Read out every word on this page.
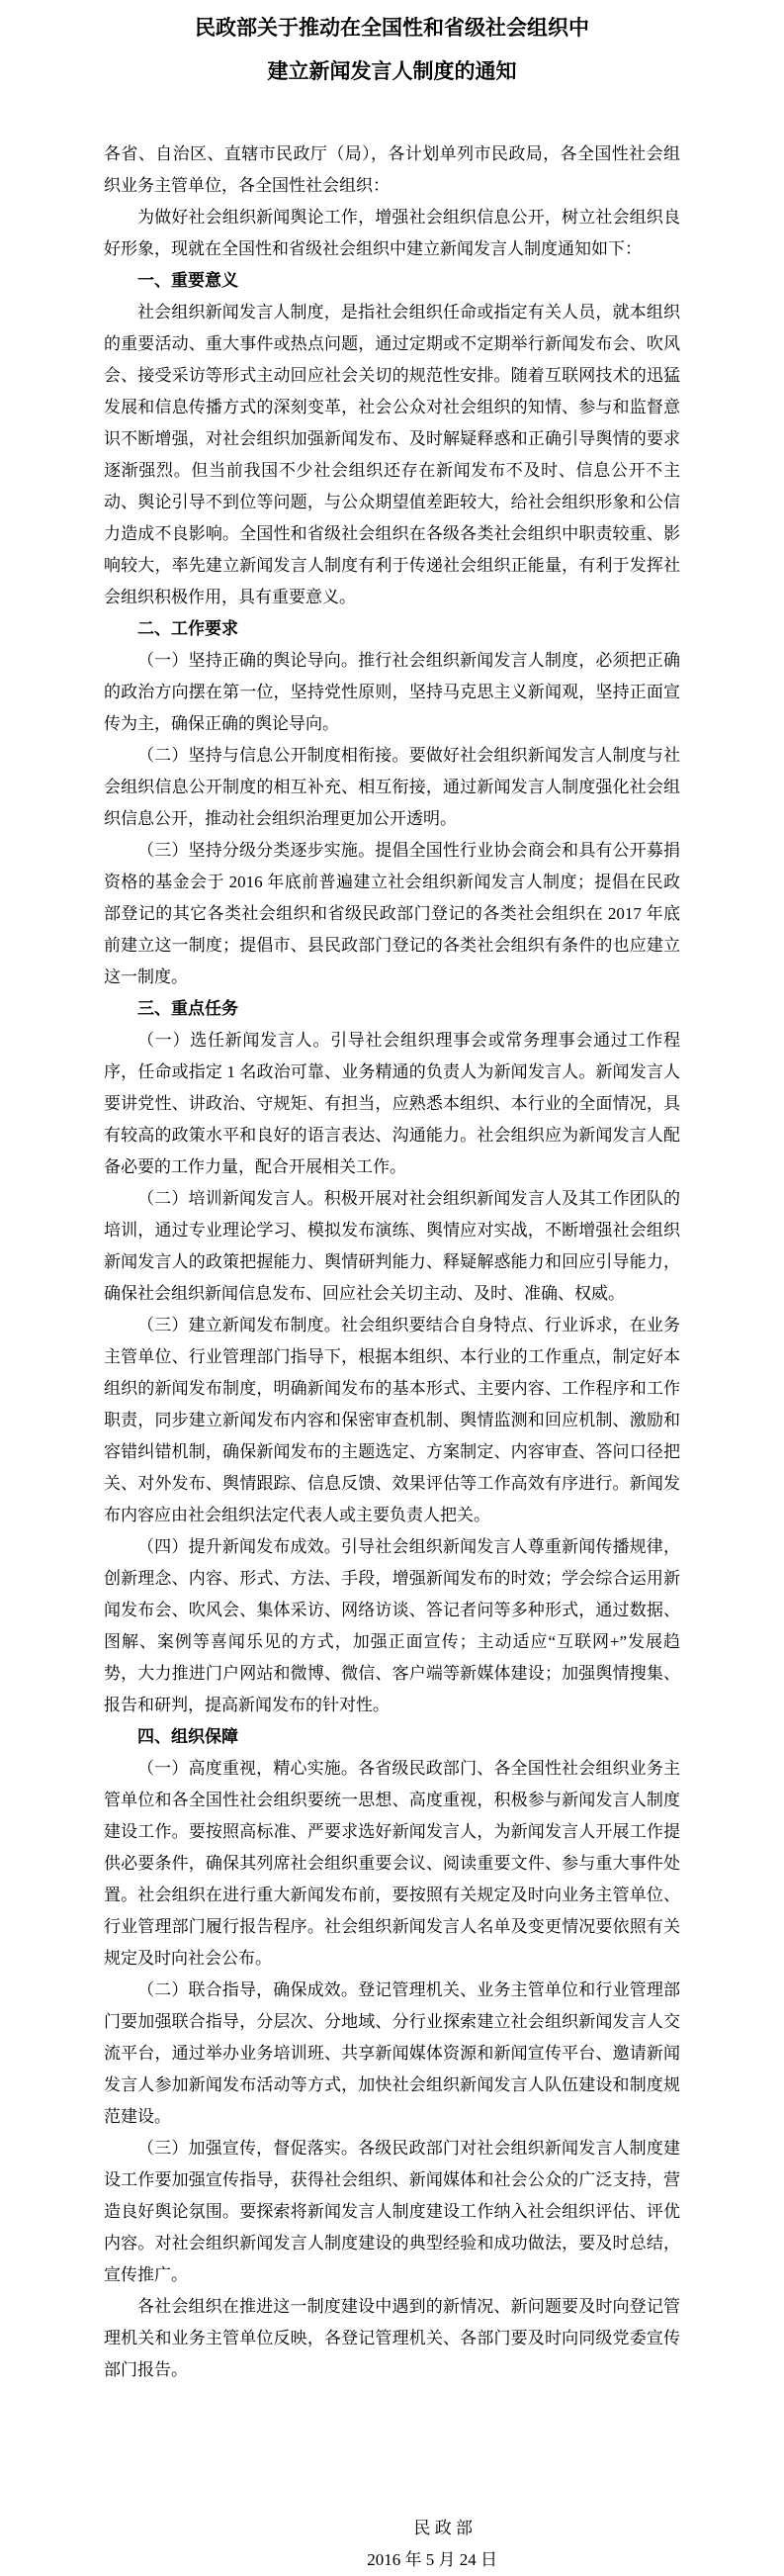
民政部关于推动在全国性和省级社会组织中
建立新闻发言人制度的通知

各省、自治区、直辖市民政厅（局），各计划单列市民政局，各全国性社会组织业务主管单位，各全国性社会组织：

为做好社会组织新闻舆论工作，增强社会组织信息公开，树立社会组织良好形象，现就在全国性和省级社会组织中建立新闻发言人制度通知如下：

一、重要意义

社会组织新闻发言人制度，是指社会组织任命或指定有关人员，就本组织的重要活动、重大事件或热点问题，通过定期或不定期举行新闻发布会、吹风会、接受采访等形式主动回应社会关切的规范性安排。随着互联网技术的迅猛发展和信息传播方式的深刻变革，社会公众对社会组织的知情、参与和监督意识不断增强，对社会组织加强新闻发布、及时解疑释惑和正确引导舆情的要求逐渐强烈。但当前我国不少社会组织还存在新闻发布不及时、信息公开不主动、舆论引导不到位等问题，与公众期望值差距较大，给社会组织形象和公信力造成不良影响。全国性和省级社会组织在各级各类社会组织中职责较重、影响较大，率先建立新闻发言人制度有利于传递社会组织正能量，有利于发挥社会组织积极作用，具有重要意义。

二、工作要求

（一）坚持正确的舆论导向。推行社会组织新闻发言人制度，必须把正确的政治方向摆在第一位，坚持党性原则，坚持马克思主义新闻观，坚持正面宣传为主，确保正确的舆论导向。

（二）坚持与信息公开制度相衔接。要做好社会组织新闻发言人制度与社会组织信息公开制度的相互补充、相互衔接，通过新闻发言人制度强化社会组织信息公开，推动社会组织治理更加公开透明。

（三）坚持分级分类逐步实施。提倡全国性行业协会商会和具有公开募捐资格的基金会于 2016 年底前普遍建立社会组织新闻发言人制度；提倡在民政部登记的其它各类社会组织和省级民政部门登记的各类社会组织在 2017 年底前建立这一制度；提倡市、县民政部门登记的各类社会组织有条件的也应建立这一制度。

三、重点任务

（一）选任新闻发言人。引导社会组织理事会或常务理事会通过工作程序，任命或指定 1 名政治可靠、业务精通的负责人为新闻发言人。新闻发言人要讲党性、讲政治、守规矩、有担当，应熟悉本组织、本行业的全面情况，具有较高的政策水平和良好的语言表达、沟通能力。社会组织应为新闻发言人配备必要的工作力量，配合开展相关工作。

（二）培训新闻发言人。积极开展对社会组织新闻发言人及其工作团队的培训，通过专业理论学习、模拟发布演练、舆情应对实战，不断增强社会组织新闻发言人的政策把握能力、舆情研判能力、释疑解惑能力和回应引导能力，确保社会组织新闻信息发布、回应社会关切主动、及时、准确、权威。

（三）建立新闻发布制度。社会组织要结合自身特点、行业诉求，在业务主管单位、行业管理部门指导下，根据本组织、本行业的工作重点，制定好本组织的新闻发布制度，明确新闻发布的基本形式、主要内容、工作程序和工作职责，同步建立新闻发布内容和保密审查机制、舆情监测和回应机制、激励和容错纠错机制，确保新闻发布的主题选定、方案制定、内容审查、答问口径把关、对外发布、舆情跟踪、信息反馈、效果评估等工作高效有序进行。新闻发布内容应由社会组织法定代表人或主要负责人把关。

（四）提升新闻发布成效。引导社会组织新闻发言人尊重新闻传播规律，创新理念、内容、形式、方法、手段，增强新闻发布的时效；学会综合运用新闻发布会、吹风会、集体采访、网络访谈、答记者问等多种形式，通过数据、图解、案例等喜闻乐见的方式，加强正面宣传；主动适应“互联网+”发展趋势，大力推进门户网站和微博、微信、客户端等新媒体建设；加强舆情搜集、报告和研判，提高新闻发布的针对性。

四、组织保障

（一）高度重视，精心实施。各省级民政部门、各全国性社会组织业务主管单位和各全国性社会组织要统一思想、高度重视，积极参与新闻发言人制度建设工作。要按照高标准、严要求选好新闻发言人，为新闻发言人开展工作提供必要条件，确保其列席社会组织重要会议、阅读重要文件、参与重大事件处置。社会组织在进行重大新闻发布前，要按照有关规定及时向业务主管单位、行业管理部门履行报告程序。社会组织新闻发言人名单及变更情况要依照有关规定及时向社会公布。

（二）联合指导，确保成效。登记管理机关、业务主管单位和行业管理部门要加强联合指导，分层次、分地域、分行业探索建立社会组织新闻发言人交流平台，通过举办业务培训班、共享新闻媒体资源和新闻宣传平台、邀请新闻发言人参加新闻发布活动等方式，加快社会组织新闻发言人队伍建设和制度规范建设。

（三）加强宣传，督促落实。各级民政部门对社会组织新闻发言人制度建设工作要加强宣传指导，获得社会组织、新闻媒体和社会公众的广泛支持，营造良好舆论氛围。要探索将新闻发言人制度建设工作纳入社会组织评估、评优内容。对社会组织新闻发言人制度建设的典型经验和成功做法，要及时总结，宣传推广。

各社会组织在推进这一制度建设中遇到的新情况、新问题要及时向登记管理机关和业务主管单位反映，各登记管理机关、各部门要及时向同级党委宣传部门报告。

民 政 部

2016 年 5 月 24 日
